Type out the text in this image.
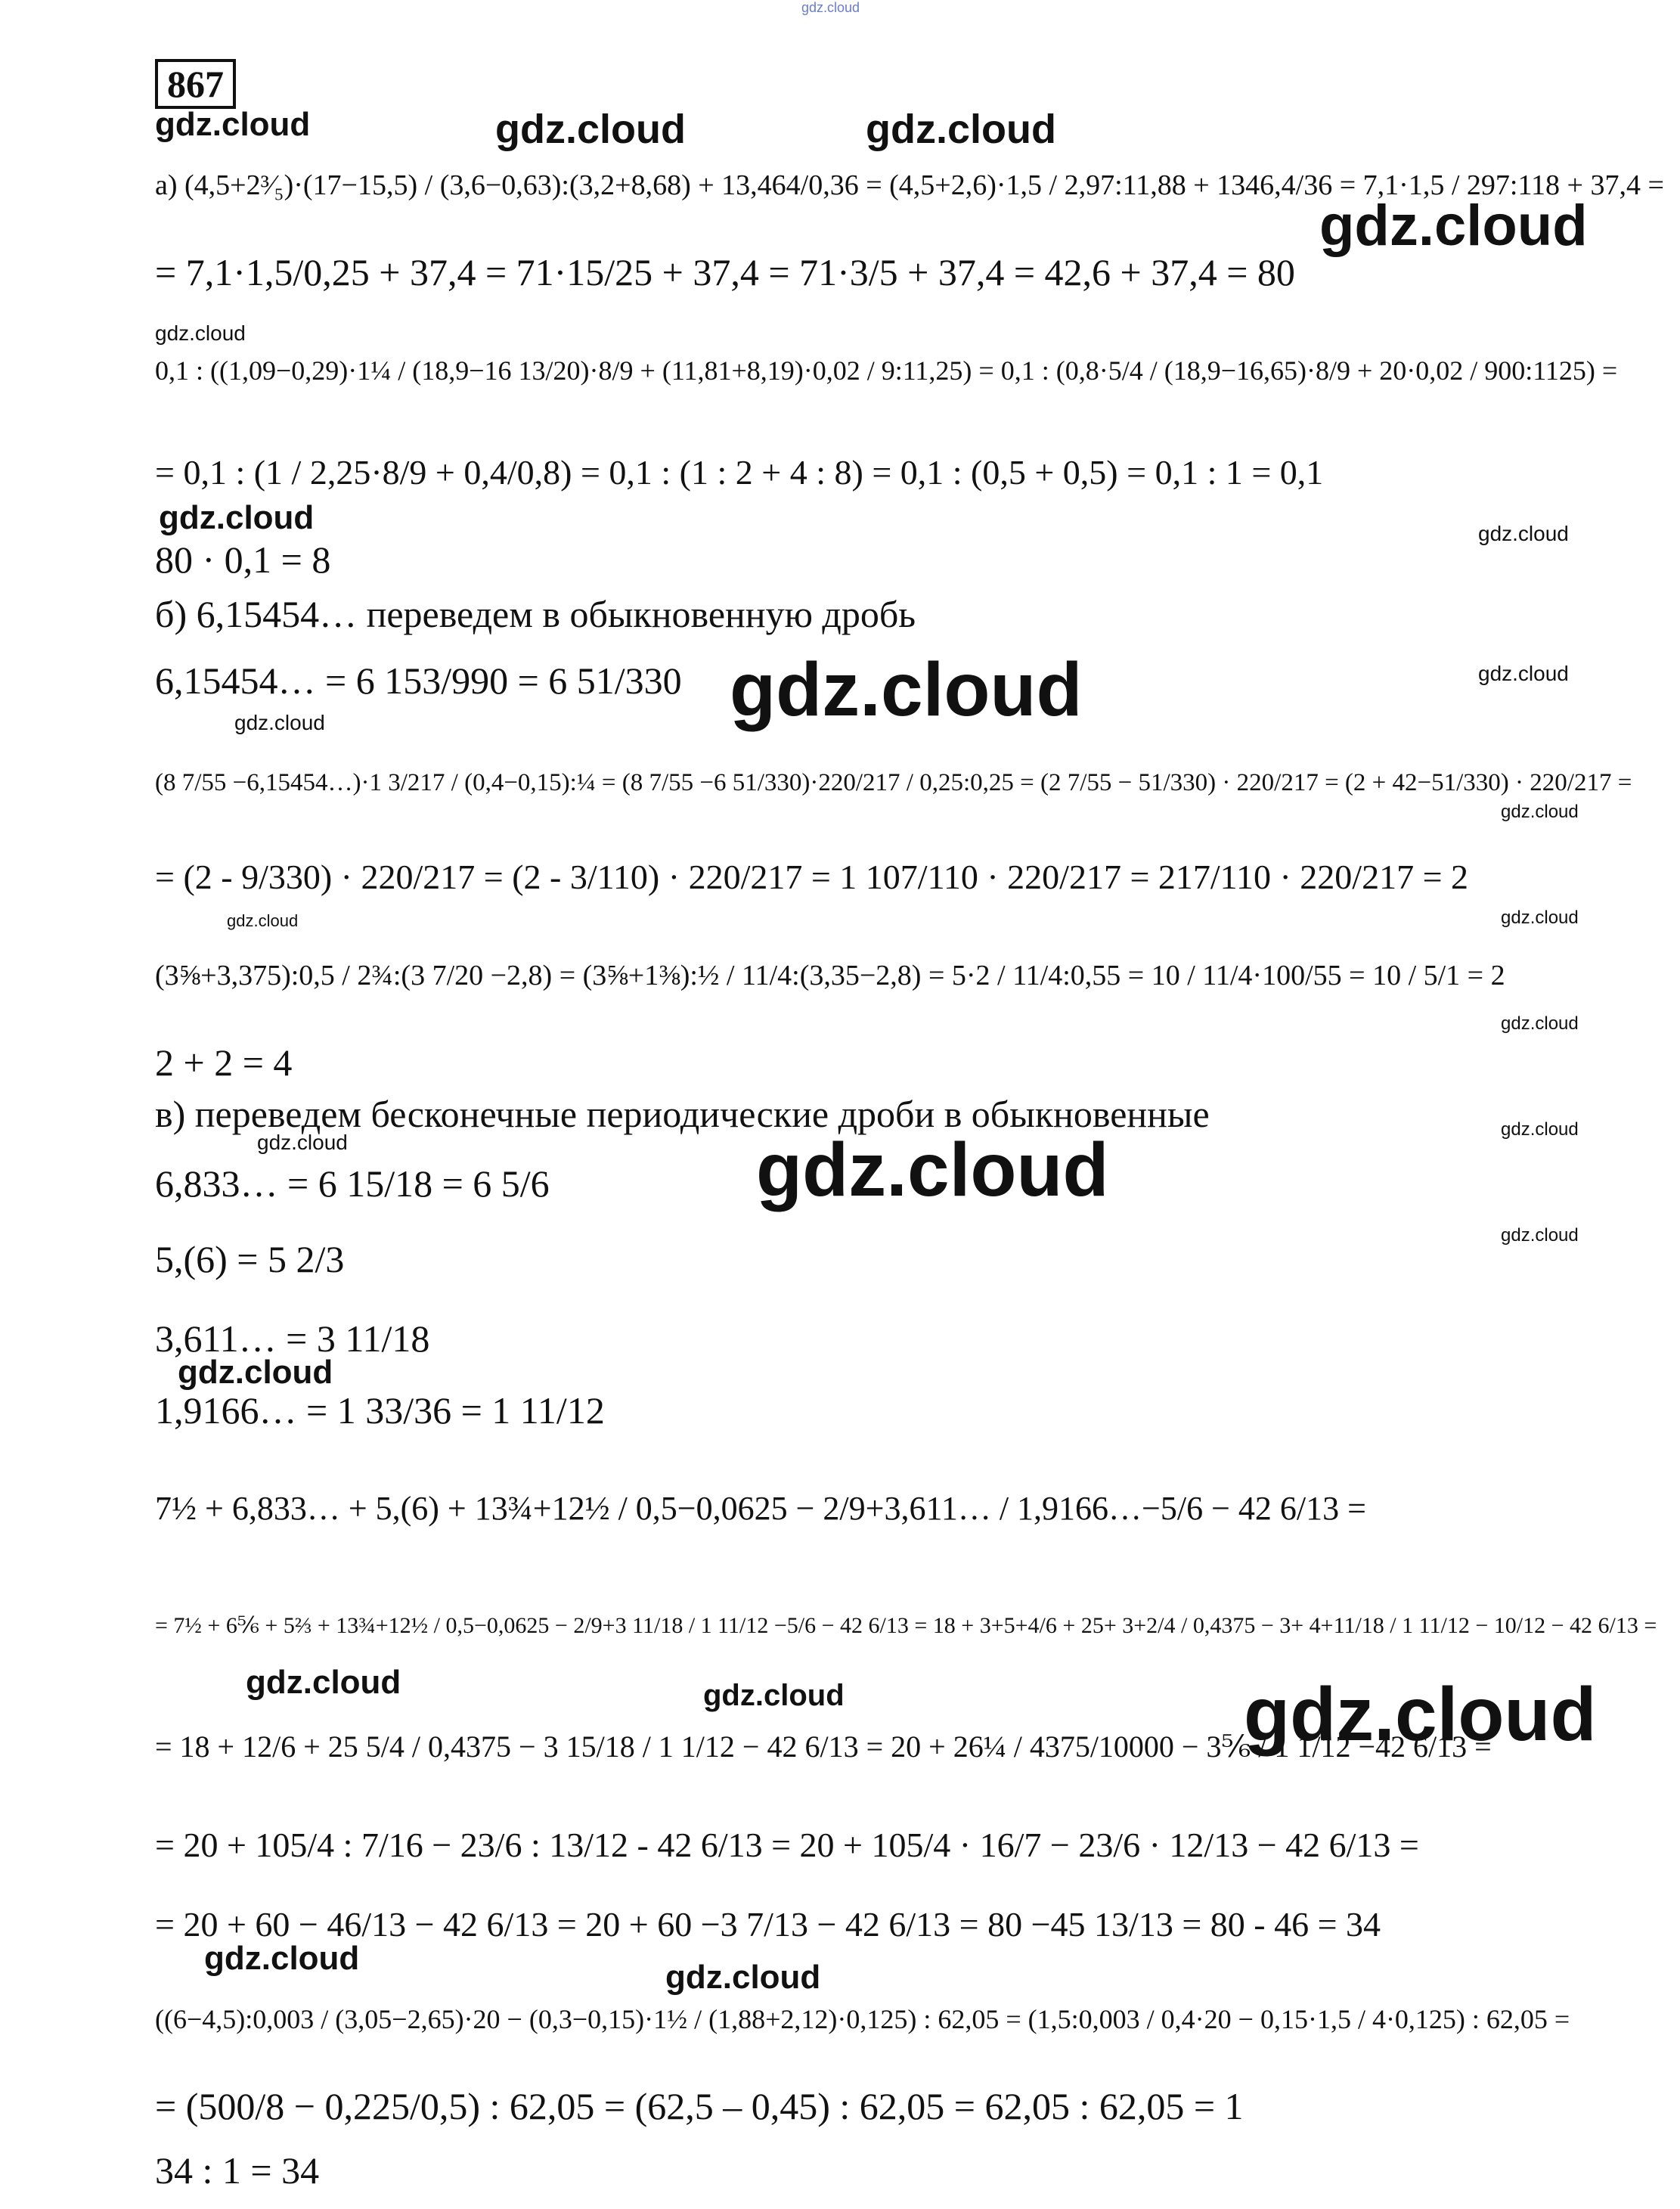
gdz.cloud
867
gdz.cloud	gdz.cloud	gdz.cloud
gdz.cloud
gdz.cloud
gdz.cloud	gdz.cloud
gdz.cloud
gdz.cloud
gdz.cloud
gdz.cloud
gdz.cloud
gdz.cloud
gdz.cloud
gdz.cloud
gdz.cloud	gdz.cloud
gdz.cloud
gdz.cloud
gdz.cloud	gdz.cloud	gdz.cloud
gdz.cloud
gdz.cloud
а) (4,5+2³⁄₅)·(17−15,5) / (3,6−0,63):(3,2+8,68) + 13,464/0,36 = (4,5+2,6)·1,5 / 2,97:11,88 + 1346,4/36 = 7,1·1,5 / 297:118 + 37,4 =
= 7,1·1,5/0,25 + 37,4 = 71·15/25 + 37,4 = 71·3/5 + 37,4 = 42,6 + 37,4 = 80
0,1 : ((1,09−0,29)·1¼ / (18,9−16 13/20)·8/9 + (11,81+8,19)·0,02 / 9:11,25) = 0,1 : (0,8·5/4 / (18,9−16,65)·8/9 + 20·0,02 / 900:1125) =
= 0,1 : (1 / 2,25·8/9 + 0,4/0,8) = 0,1 : (1 : 2 + 4 : 8) = 0,1 : (0,5 + 0,5) = 0,1 : 1 = 0,1
80 · 0,1 = 8
б) 6,15454… переведем в обыкновенную дробь
6,15454… = 6 153/990 = 6 51/330
(8 7/55 −6,15454…)·1 3/217 / (0,4−0,15):¼ = (8 7/55 −6 51/330)·220/217 / 0,25:0,25 = (2 7/55 − 51/330) · 220/217 = (2 + 42−51/330) · 220/217 =
= (2 - 9/330) · 220/217 = (2 - 3/110) · 220/217 = 1 107/110 · 220/217 = 217/110 · 220/217 = 2
(3⅝+3,375):0,5 / 2¾:(3 7/20 −2,8) = (3⅝+1⅜):½ / 11/4:(3,35−2,8) = 5·2 / 11/4:0,55 = 10 / 11/4·100/55 = 10 / 5/1 = 2
2 + 2 = 4
в) переведем бесконечные периодические дроби в обыкновенные
6,833… = 6 15/18 = 6 5/6
5,(6) = 5 2/3
3,611… = 3 11/18
1,9166… = 1 33/36 = 1 11/12
7½ + 6,833… + 5,(6) + 13¾+12½ / 0,5−0,0625 − 2/9+3,611… / 1,9166…−5/6 − 42 6/13 =
= 7½ + 6⅚ + 5⅔ + 13¾+12½ / 0,5−0,0625 − 2/9+3 11/18 / 1 11/12 −5/6 − 42 6/13 = 18 + 3+5+4/6 + 25+ 3+2/4 / 0,4375 − 3+ 4+11/18 / 1 11/12 − 10/12 − 42 6/13 =
= 18 + 12/6 + 25 5/4 / 0,4375 − 3 15/18 / 1 1/12 − 42 6/13 = 20 + 26¼ / 4375/10000 − 3⅚ / 1 1/12 −42 6/13 =
= 20 + 105/4 : 7/16 − 23/6 : 13/12 - 42 6/13 = 20 + 105/4 · 16/7 − 23/6 · 12/13 − 42 6/13 =
= 20 + 60 − 46/13 − 42 6/13 = 20 + 60 −3 7/13 − 42 6/13 = 80 −45 13/13 = 80 - 46 = 34
((6−4,5):0,003 / (3,05−2,65)·20 − (0,3−0,15)·1½ / (1,88+2,12)·0,125) : 62,05 = (1,5:0,003 / 0,4·20 − 0,15·1,5 / 4·0,125) : 62,05 =
= (500/8 − 0,225/0,5) : 62,05 = (62,5 – 0,45) : 62,05 = 62,05 : 62,05 = 1
34 : 1 = 34
